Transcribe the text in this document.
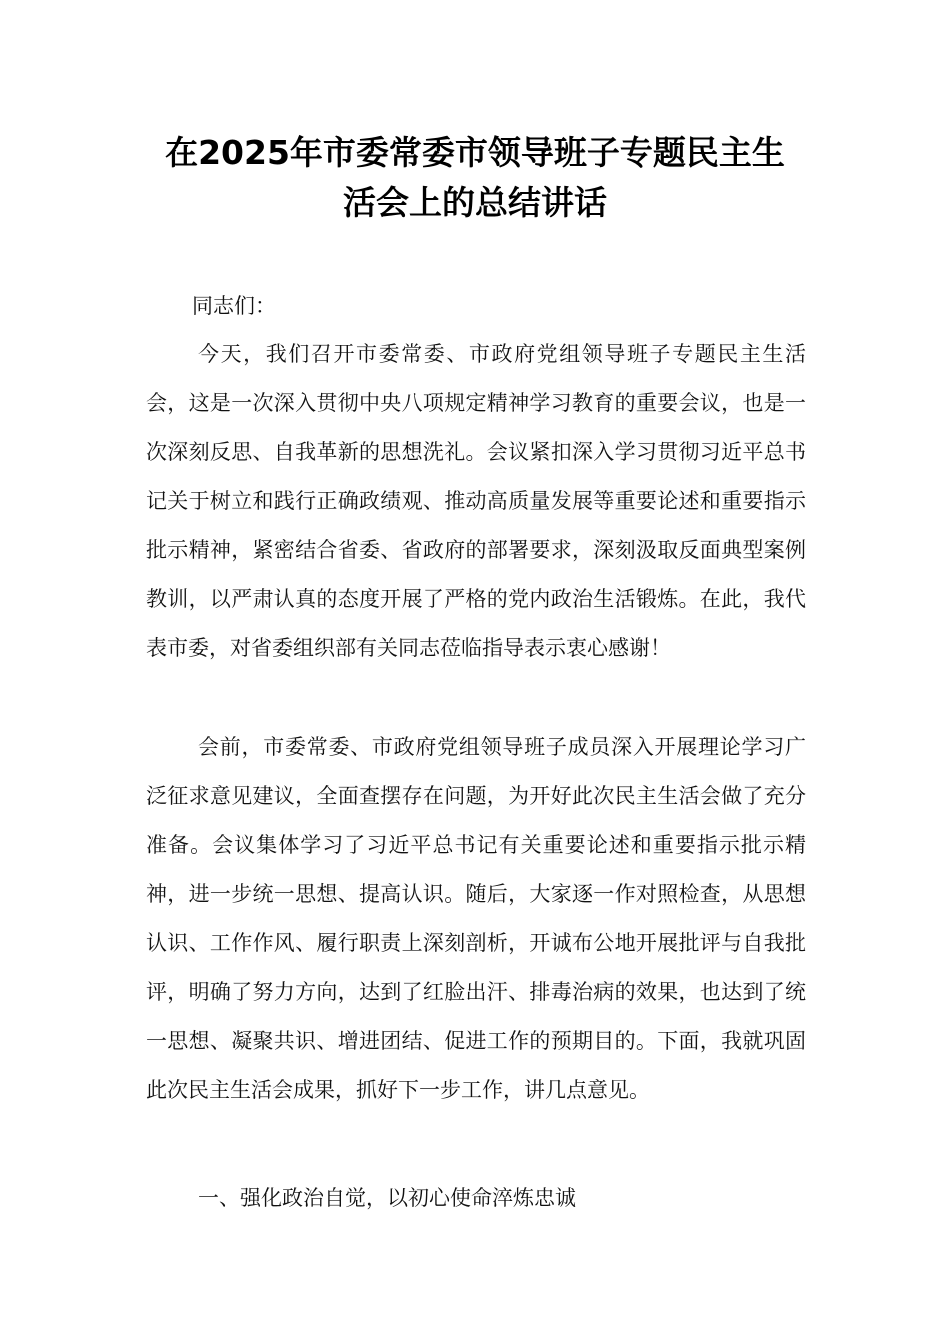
在2025年市委常委市领导班子专题民主生
活会上的总结讲话

同志们：

今天，我们召开市委常委、市政府党组领导班子专题民主生活会，这是一次深入贯彻中央八项规定精神学习教育的重要会议，也是一次深刻反思、自我革新的思想洗礼。会议紧扣深入学习贯彻习近平总书记关于树立和践行正确政绩观、推动高质量发展等重要论述和重要指示批示精神，紧密结合省委、省政府的部署要求，深刻汲取反面典型案例教训，以严肃认真的态度开展了严格的党内政治生活锻炼。在此，我代表市委，对省委组织部有关同志莅临指导表示衷心感谢！

会前，市委常委、市政府党组领导班子成员深入开展理论学习广泛征求意见建议，全面查摆存在问题，为开好此次民主生活会做了充分准备。会议集体学习了习近平总书记有关重要论述和重要指示批示精神，进一步统一思想、提高认识。随后，大家逐一作对照检查，从思想认识、工作作风、履行职责上深刻剖析，开诚布公地开展批评与自我批评，明确了努力方向，达到了红脸出汗、排毒治病的效果，也达到了统一思想、凝聚共识、增进团结、促进工作的预期目的。下面，我就巩固此次民主生活会成果，抓好下一步工作，讲几点意见。

一、强化政治自觉，以初心使命淬炼忠诚
